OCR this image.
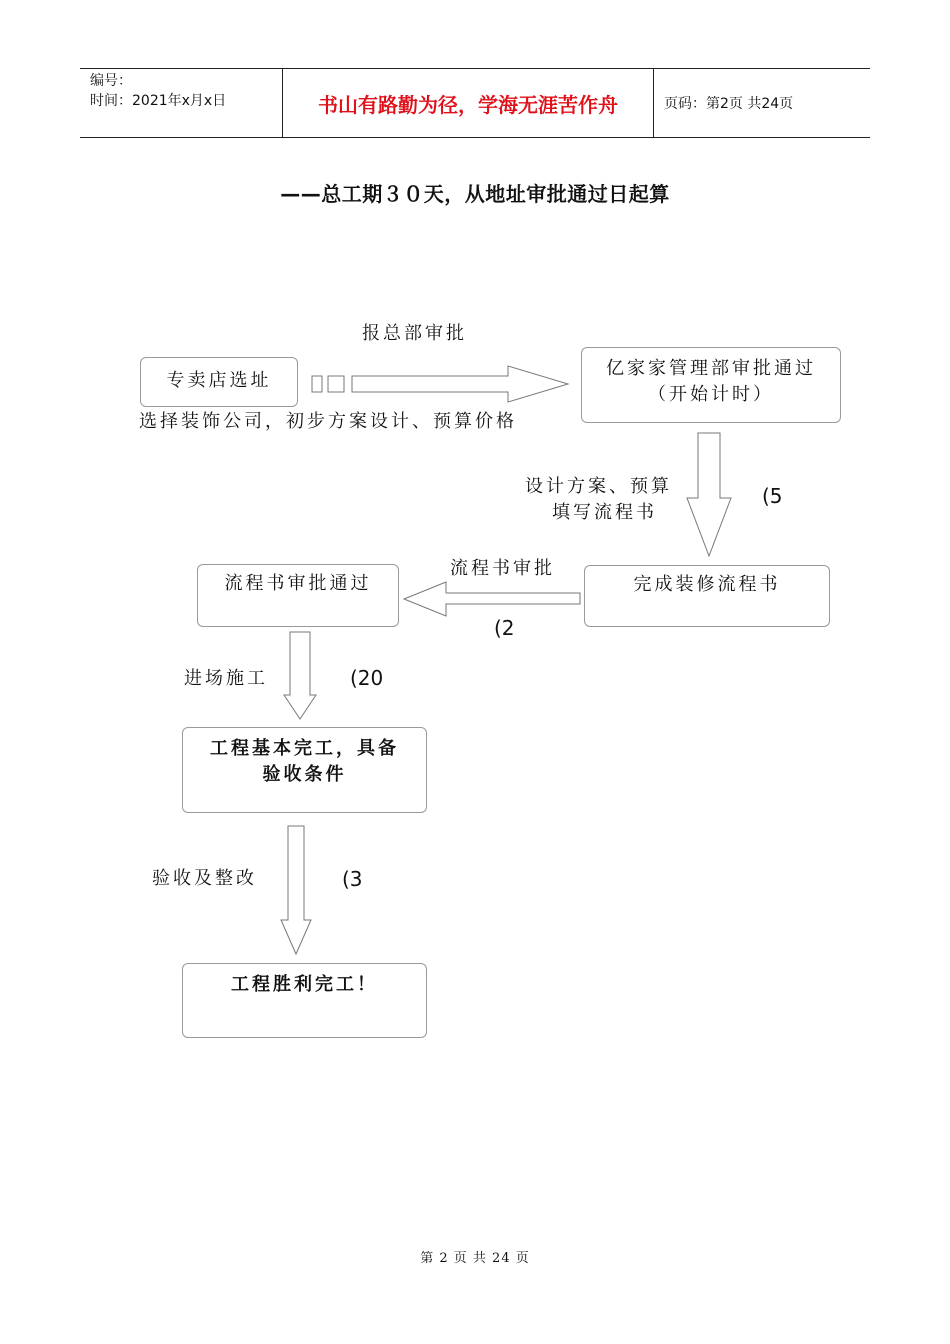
编号：
时间：2021年x月x日	书山有路勤为径，学海无涯苦作舟	页码：第2页 共24页
——总工期３０天，从地址审批通过日起算
专卖店选址
亿家家管理部审批通过
（开始计时）
完成装修流程书
流程书审批通过
工程基本完工，具备
验收条件
工程胜利完工！
报总部审批
选择装饰公司，初步方案设计、预算价格
设计方案、预算
填写流程书
(5
流程书审批
(2
进场施工	(20
验收及整改	(3
第 2 页 共 24 页
